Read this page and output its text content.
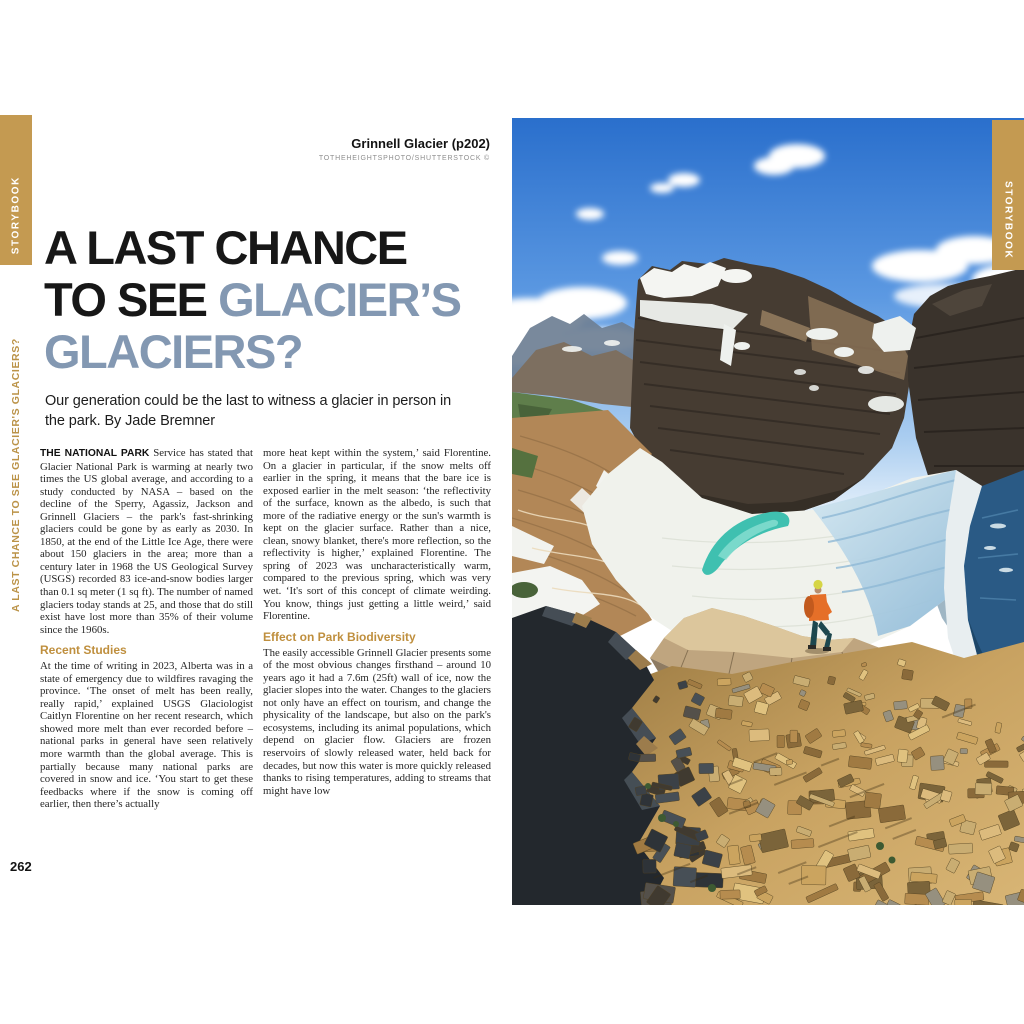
STORYBOOK
A LAST CHANCE TO SEE GLACIER'S GLACIERS?
262
Grinnell Glacier (p202)
TOTHEHEIGHTSPHOTO/SHUTTERSTOCK ©
A LAST CHANCE
TO SEE GLACIER’S
GLACIERS?
Our generation could be the last to witness a glacier in person in
the park. By Jade Bremner

THE NATIONAL PARK Service has stated that Glacier National Park is warming at nearly two times the US global average, and according to a study conducted by NASA – based on the decline of the Sperry, Agassiz, Jackson and Grinnell Glaciers – the park's fast-shrinking glaciers could be gone by as early as 2030. In 1850, at the end of the Little Ice Age, there were about 150 glaciers in the area; more than a century later in 1968 the US Geological Survey (USGS) recorded 83 ice-and-snow bodies larger than 0.1 sq meter (1 sq ft). The number of named glaciers today stands at 25, and those that do still exist have lost more than 35% of their volume since the 1960s.

Recent Studies

At the time of writing in 2023, Alberta was in a state of emergency due to wildfires ravaging the province. ‘The onset of melt has been really, really rapid,’ explained USGS Glaciologist Caitlyn Florentine on her recent research, which showed more melt than ever recorded before – national parks in general have seen relatively more warmth than the global average. This is partially because many national parks are covered in snow and ice. ‘You start to get these feedbacks where if the snow is coming off earlier, then there’s actually

more heat kept within the system,’ said Florentine. On a glacier in particular, if the snow melts off earlier in the spring, it means that the bare ice is exposed earlier in the melt season: ‘the reflectivity of the surface, known as the albedo, is such that more of the radiative energy or the sun's warmth is kept on the glacier surface. Rather than a nice, clean, snowy blanket, there's more reflection, so the reflectivity is higher,’ explained Florentine. The spring of 2023 was uncharacteristically warm, compared to the previous spring, which was very wet. ‘It's sort of this concept of climate weirding. You know, things just getting a little weird,’ said Florentine.

Effect on Park Biodiversity

The easily accessible Grinnell Glacier presents some of the most obvious changes firsthand – around 10 years ago it had a 7.6m (25ft) wall of ice, now the glacier slopes into the water. Changes to the glaciers not only have an effect on tourism, and change the physicality of the landscape, but also on the park's ecosystems, including its animal populations, which depend on glacier flow. Glaciers are frozen reservoirs of slowly released water, held back for decades, but now this water is more quickly released thanks to rising temperatures, adding to streams that might have low

STORYBOOK
